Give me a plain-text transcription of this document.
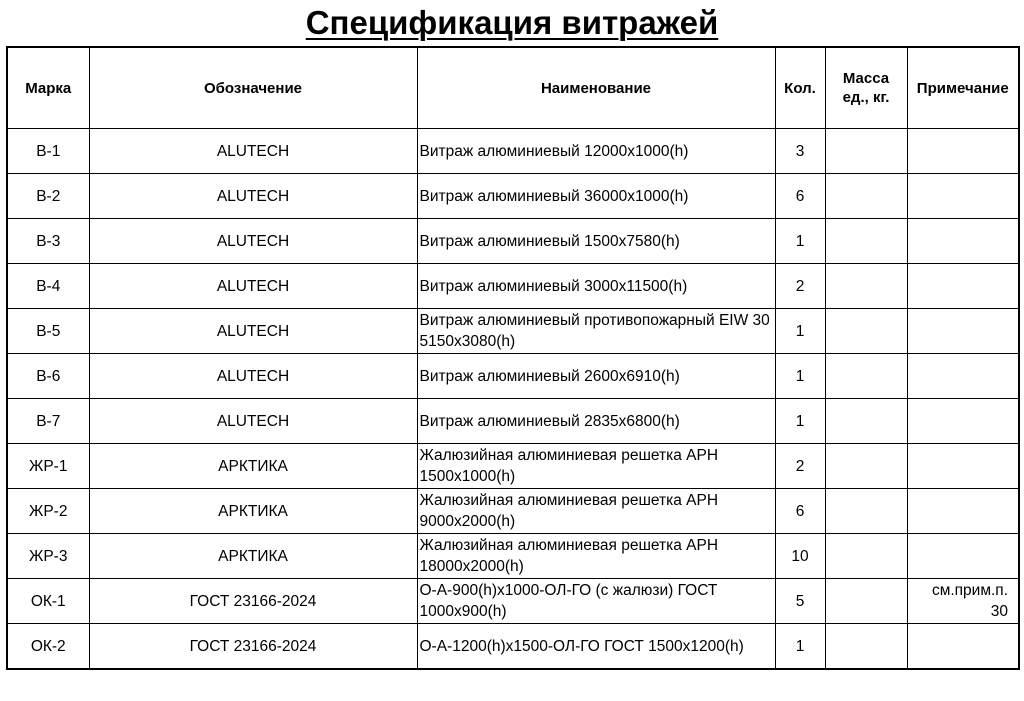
Спецификация витражей
Марка	Обозначение	Наименование	Кол.	Масса ед., кг.	Примечание
В-1	ALUTECH	Витраж алюминиевый 12000x1000(h)	3		
В-2	ALUTECH	Витраж алюминиевый 36000x1000(h)	6		
В-3	ALUTECH	Витраж алюминиевый 1500x7580(h)	1		
В-4	ALUTECH	Витраж алюминиевый 3000x11500(h)	2		
В-5	ALUTECH	Витраж алюминиевый противопожарный EIW 30 5150x3080(h)	1		
В-6	ALUTECH	Витраж алюминиевый 2600x6910(h)	1		
В-7	ALUTECH	Витраж алюминиевый 2835x6800(h)	1		
ЖР-1	АРКТИКА	Жалюзийная алюминиевая решетка АРН 1500x1000(h)	2		
ЖР-2	АРКТИКА	Жалюзийная алюминиевая решетка АРН 9000x2000(h)	6		
ЖР-3	АРКТИКА	Жалюзийная алюминиевая решетка АРН 18000x2000(h)	10		
ОК-1	ГОСТ 23166-2024	О-А-900(h)x1000-ОЛ-ГО (с жалюзи) ГОСТ 1000x900(h)	5		см.прим.п. 30
ОК-2	ГОСТ 23166-2024	О-А-1200(h)x1500-ОЛ-ГО ГОСТ 1500x1200(h)	1		
